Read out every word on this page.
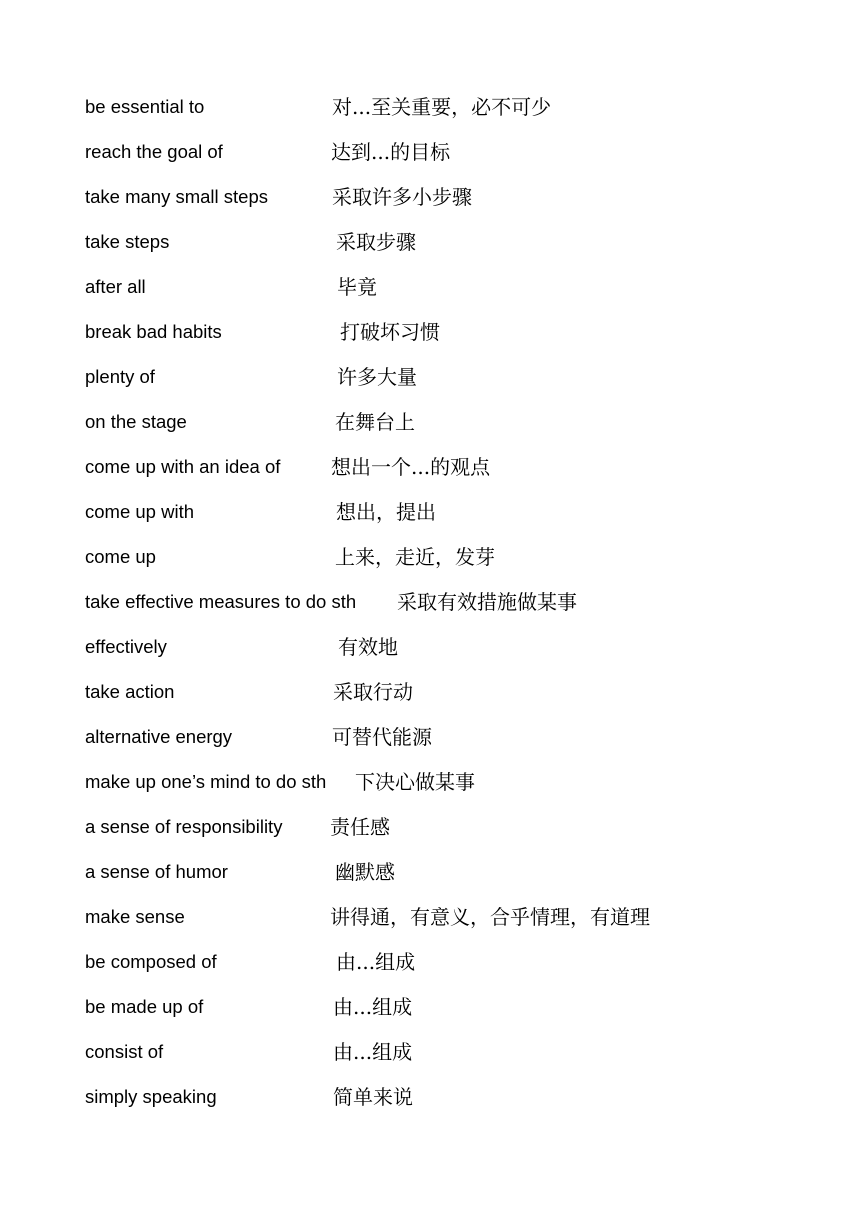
be essential to	对...至关重要，必不可少
reach the goal of	达到...的目标
take many small steps	采取许多小步骤
take steps	采取步骤
after all	毕竟
break bad habits	打破坏习惯
plenty of	许多大量
on the stage	在舞台上
come up with an idea of	想出一个...的观点
come up with	想出，提出
come up	上来，走近，发芽
take effective measures to do sth 采取有效措施做某事
effectively	有效地
take action	采取行动
alternative energy	可替代能源
make up one’s mind to do sth 下决心做某事
a sense of responsibility 责任感
a sense of humor	幽默感
make sense	讲得通，有意义，合乎情理，有道理
be composed of	由...组成
be made up of	由...组成
consist of	由...组成
simply speaking	简单来说
